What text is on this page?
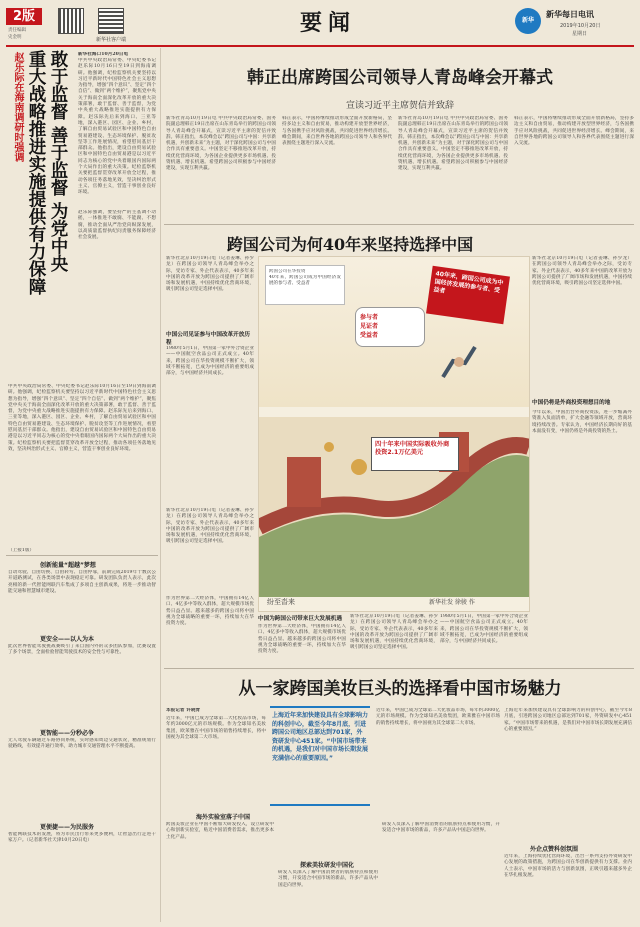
2版
责任编辑
史金明	新华社客户端
要闻	新华
新华每日电讯
2019年10月20日
星期日
赵乐际在海南调研时强调 重大战略推进实施提供有力保障 敢于监督 善于监督 为党中央 新华社海口10月20日电
中共中央政治局常委、中央纪委书记赵乐际10月16日至19日到海南调研。他强调，纪检监察机关要坚持以习近平新时代中国特色社会主义思想为指导，增强“四个意识”、坚定“四个自信”、做到“两个维护”，聚焦党中央关于海南全面深化改革开放的重大决策部署，敢于监督、善于监督，为党中央重大战略推进实施提供有力保障。赵乐际先后来到海口、三亚等地，深入港区、园区、企业、乡村，了解自由贸易试验区和中国特色自由贸易港建设、生态环境保护、脱贫攻坚等工作进展情况，看望慰问基层干部群众。他指出，建设自由贸易试验区和中国特色自由贸易港是以习近平同志为核心的党中央着眼国内国际两个大局作出的重大决策。纪检监察机关要把监督贯穿改革开放全过程，推动各项任务落地见效，坚决纠治形式主义、官僚主义，营造干事创业良好环境。
赵乐际强调，要坚持严的主基调不动摇，一体推进不敢腐、不能腐、不想腐，推动全面从严治党向纵深发展，以高质量监督执纪问责服务保障经济社会发展。
中共中央政治局常委、中央纪委书记赵乐际10月16日至19日到海南调研。他强调，纪检监察机关要坚持以习近平新时代中国特色社会主义思想为指导，增强“四个意识”、坚定“四个自信”、做到“两个维护”，聚焦党中央关于海南全面深化改革开放的重大决策部署，敢于监督、善于监督，为党中央重大战略推进实施提供有力保障。赵乐际先后来到海口、三亚等地，深入港区、园区、企业、乡村，了解自由贸易试验区和中国特色自由贸易港建设、生态环境保护、脱贫攻坚等工作进展情况，看望慰问基层干部群众。他指出，建设自由贸易试验区和中国特色自由贸易港是以习近平同志为核心的党中央着眼国内国际两个大局作出的重大决策。纪检监察机关要把监督贯穿改革开放全过程，推动各项任务落地见效，坚决纠治形式主义、官僚主义，营造干事创业良好环境。
（上接1版）
创新能量“超越”梦想
自动驾驶、自由切换、自由转弯、自由停靠，前期完成2019年十数次公开道路测试，在各类场景中表现稳定可靠。研发团队负责人表示，此次亮相的新一代智能网联汽车集成了多项自主创新成果，将进一步推动智能交通和智慧城市建设。
更安全——以人为本
此次世界智能驾驶挑战赛吸引了来自国内外的众多团队参加，比赛设置了多个场景，全面检验智能驾驶技术的安全性与可靠性。
更智能——分秒必争
无人驾驶车辆通过车路协同系统，实时感知周边交通状况，精准规划行驶路线，有效提升通行效率，助力城市交通管理水平不断提高。
更便捷——为民服务
智能网联技术的发展，将为市民出行带来更多便利，让智慧出行走进千家万户。（记者新华社天津10月20日电）
韩正出席跨国公司领导人青岛峰会开幕式
宣读习近平主席贺信并致辞
新华社青岛10月19日电 中共中央政治局常委、国务院副总理韩正19日出席在山东青岛举行的跨国公司领导人青岛峰会开幕式，宣读习近平主席的贺信并致辞。韩正指出，本次峰会以“跨国公司与中国：共享新机遇，共创新未来”为主题，对于深化跨国公司与中国合作具有重要意义。中国坚定不移推进改革开放，持续优化营商环境，为各国企业提供更多市场机遇、投资机遇、增长机遇。希望跨国公司积极参与中国经济建设，实现互利共赢。
韩正表示，中国将继续推动形成全面开放新格局，坚持多边主义和自由贸易，推动构建开放型世界经济，与各国携手应对风险挑战，共同促进世界经济增长。峰会期间，来自世界各地的跨国公司领导人和各界代表围绕主题进行深入交流。
新华社青岛10月19日电 中共中央政治局常委、国务院副总理韩正19日出席在山东青岛举行的跨国公司领导人青岛峰会开幕式，宣读习近平主席的贺信并致辞。韩正指出，本次峰会以“跨国公司与中国：共享新机遇，共创新未来”为主题，对于深化跨国公司与中国合作具有重要意义。中国坚定不移推进改革开放，持续优化营商环境，为各国企业提供更多市场机遇、投资机遇、增长机遇。希望跨国公司积极参与中国经济建设，实现互利共赢。
韩正表示，中国将继续推动形成全面开放新格局，坚持多边主义和自由贸易，推动构建开放型世界经济，与各国携手应对风险挑战，共同促进世界经济增长。峰会期间，来自世界各地的跨国公司领导人和各界代表围绕主题进行深入交流。
跨国公司为何40年来坚持选择中国
新华社北京10月19日电（记者姜琳、孙少龙）在跨国公司领导人青岛峰会举办之际，受访专家、外企代表表示，40多年来中国的改革开放为跨国公司提供了广阔市场和发展机遇，中国持续优化营商环境，吸引跨国公司坚定选择中国。
中国公司见证参与中国改革开放历程
1980年5月1日，中国第一家中外合资企业——中国航空食品公司正式成立。40年来，跨国公司在华投资规模不断扩大，领域不断拓宽，已成为中国经济的重要组成部分，与中国经济共同成长。
新华社北京10月19日电（记者姜琳、孙少龙）在跨国公司领导人青岛峰会举办之际，受访专家、外企代表表示，40多年来中国的改革开放为跨国公司提供了广阔市场和发展机遇，中国持续优化营商环境，吸引跨国公司坚定选择中国。
跨国公司在华投资
40年来，跨国公司成为中国经济发展的参与者、受益者	40年来，跨国公司成为中国经济发展的参与者、受益者
参与者
见证者
受益者
四十年来中国实际吸收外商投资2.1万亿美元
纷至沓来	新华社发 徐骏 作
作为世界第二大经济体，中国拥有14亿人口、4亿多中等收入群体，超大规模市场优势日益凸显。越来越多的跨国公司将中国视为全球战略的重要一环，持续加大在华投资力度。
中国为跨国公司带来巨大发展机遇
作为世界第二大经济体，中国拥有14亿人口、4亿多中等收入群体，超大规模市场优势日益凸显。越来越多的跨国公司将中国视为全球战略的重要一环，持续加大在华投资力度。
新华社北京10月19日电（记者姜琳、孙少龙）在跨国公司领导人青岛峰会举办之际，受访专家、外企代表表示，40多年来中国的改革开放为跨国公司提供了广阔市场和发展机遇，中国持续优化营商环境，吸引跨国公司坚定选择中国。
1980年5月1日，中国第一家中外合资企业——中国航空食品公司正式成立。40年来，跨国公司在华投资规模不断扩大，领域不断拓宽，已成为中国经济的重要组成部分，与中国经济共同成长。
新华社北京10月19日电（记者姜琳、孙少龙）在跨国公司领导人青岛峰会举办之际，受访专家、外企代表表示，40多年来中国的改革开放为跨国公司提供了广阔市场和发展机遇，中国持续优化营商环境，吸引跨国公司坚定选择中国。
中国仍将是外商投资理想目的地
今年以来，中国出台外商投资法，进一步缩减外资准入负面清单，扩大金融等领域开放，营商环境持续改善。专家认为，中国经济长期向好的基本面没有变，中国仍将是外商投资的热土。
从一家跨国美妆巨头的选择看中国市场魅力
本报记者 许晓青
近年来，中国已成为全球第二大化妆品市场，每年约3000亿元的市场规模。作为全球知名美妆集团，欧莱雅在中国市场的销售持续增长，将中国视为其全球第二大市场。
上海近年来加快建设具有全球影响力的科创中心，截至今年8月底，引进跨国公司地区总部达到701家，外资研发中心451家。“中国市场带来的机遇，是我们对中国市场长期发展充满信心的重要原因。”
海外实验室落子中国
跨国美妆企业在中国不断加大研发投入，设立研发中心和创新实验室，贴近中国消费者需求，推出更多本土化产品。
近年来，中国已成为全球第二大化妆品市场，每年约3000亿元的市场规模。作为全球知名美妆集团，欧莱雅在中国市场的销售持续增长，将中国视为其全球第二大市场。
探索美妆研发中国化
研发人员深入了解中国消费者的肌肤特点和使用习惯，开发适合中国市场的新品，许多产品从中国走向世界。
研发人员深入了解中国消费者的肌肤特点和使用习惯，开发适合中国市场的新品，许多产品从中国走向世界。
上海近年来加快建设具有全球影响力的科创中心，截至今年8月底，引进跨国公司地区总部达到701家，外资研发中心451家。“中国市场带来的机遇，是我们对中国市场长期发展充满信心的重要原因。”
外企点赞科创氛围
近年来，上海持续优化营商环境，出台一系列支持外资研发中心发展的政策措施，为跨国公司在华创新提供有力支撑。业内人士表示，中国市场的活力与创新氛围，正吸引越来越多外企在华扎根发展。
